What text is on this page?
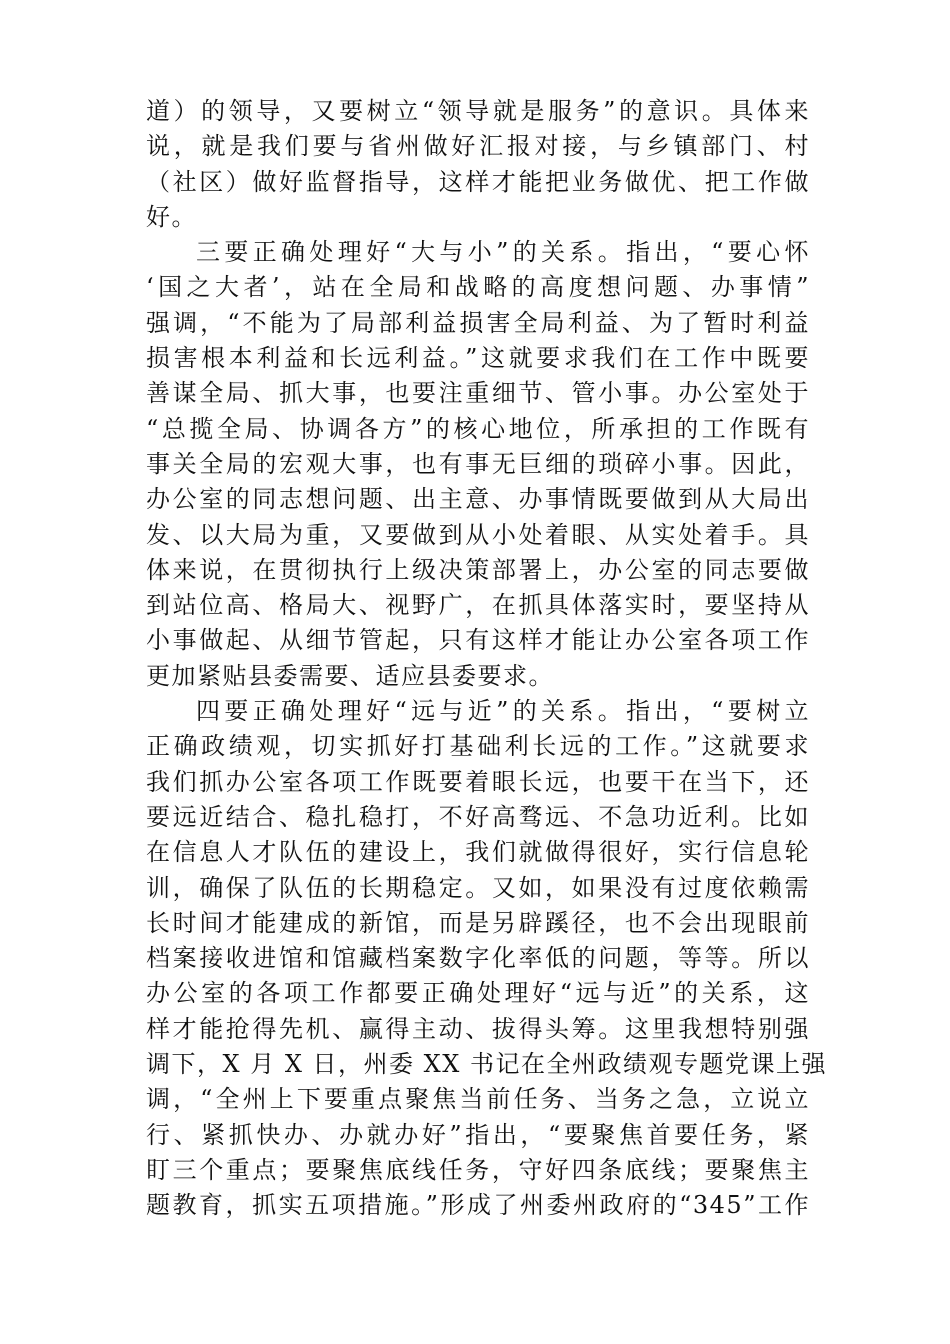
道）的领导，又要树立“领导就是服务”的意识。具体来
说，就是我们要与省州做好汇报对接，与乡镇部门、村
（社区）做好监督指导，这样才能把业务做优、把工作做
好。
三要正确处理好“大与小”的关系。指出，“要心怀
‘国之大者’，站在全局和战略的高度想问题、办事情”
强调，“不能为了局部利益损害全局利益、为了暂时利益
损害根本利益和长远利益。”这就要求我们在工作中既要
善谋全局、抓大事，也要注重细节、管小事。办公室处于
“总揽全局、协调各方”的核心地位，所承担的工作既有
事关全局的宏观大事，也有事无巨细的琐碎小事。因此，
办公室的同志想问题、出主意、办事情既要做到从大局出
发、以大局为重，又要做到从小处着眼、从实处着手。具
体来说，在贯彻执行上级决策部署上，办公室的同志要做
到站位高、格局大、视野广，在抓具体落实时，要坚持从
小事做起、从细节管起，只有这样才能让办公室各项工作
更加紧贴县委需要、适应县委要求。
四要正确处理好“远与近”的关系。指出，“要树立
正确政绩观，切实抓好打基础利长远的工作。”这就要求
我们抓办公室各项工作既要着眼长远，也要干在当下，还
要远近结合、稳扎稳打，不好高骛远、不急功近利。比如
在信息人才队伍的建设上，我们就做得很好，实行信息轮
训，确保了队伍的长期稳定。又如，如果没有过度依赖需
长时间才能建成的新馆，而是另辟蹊径，也不会出现眼前
档案接收进馆和馆藏档案数字化率低的问题，等等。所以
办公室的各项工作都要正确处理好“远与近”的关系，这
样才能抢得先机、赢得主动、拔得头筹。这里我想特别强
调下，X 月 X 日，州委 XX 书记在全州政绩观专题党课上强
调，“全州上下要重点聚焦当前任务、当务之急，立说立
行、紧抓快办、办就办好”指出，“要聚焦首要任务，紧
盯三个重点；要聚焦底线任务，守好四条底线；要聚焦主
题教育，抓实五项措施。”形成了州委州政府的“345”工作
